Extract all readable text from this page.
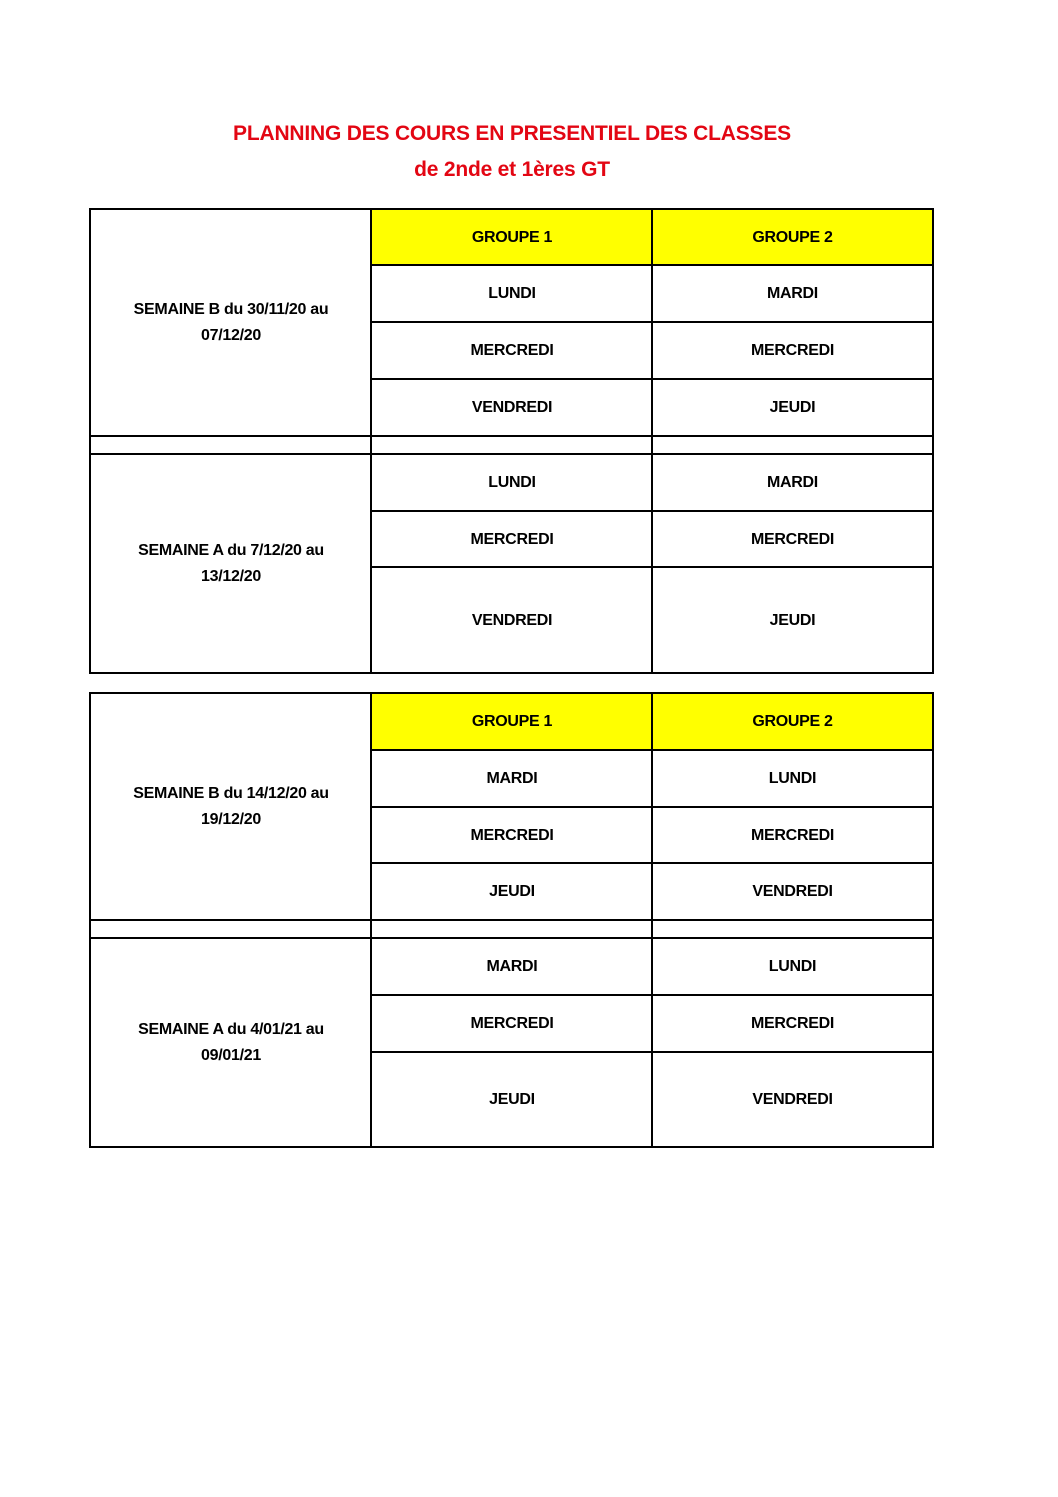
PLANNING DES COURS EN PRESENTIEL DES CLASSES
de 2nde et 1ères GT
GROUPE 1	GROUPE 2
SEMAINE B du 30/11/20 au 07/12/20
LUNDI	MARDI
MERCREDI	MERCREDI
VENDREDI	JEUDI
SEMAINE A du 7/12/20 au 13/12/20
LUNDI	MARDI
MERCREDI	MERCREDI
VENDREDI	JEUDI
GROUPE 1	GROUPE 2
SEMAINE B du 14/12/20 au 19/12/20
MARDI	LUNDI
MERCREDI	MERCREDI
JEUDI	VENDREDI
SEMAINE A du 4/01/21 au 09/01/21
MARDI	LUNDI
MERCREDI	MERCREDI
JEUDI	VENDREDI
